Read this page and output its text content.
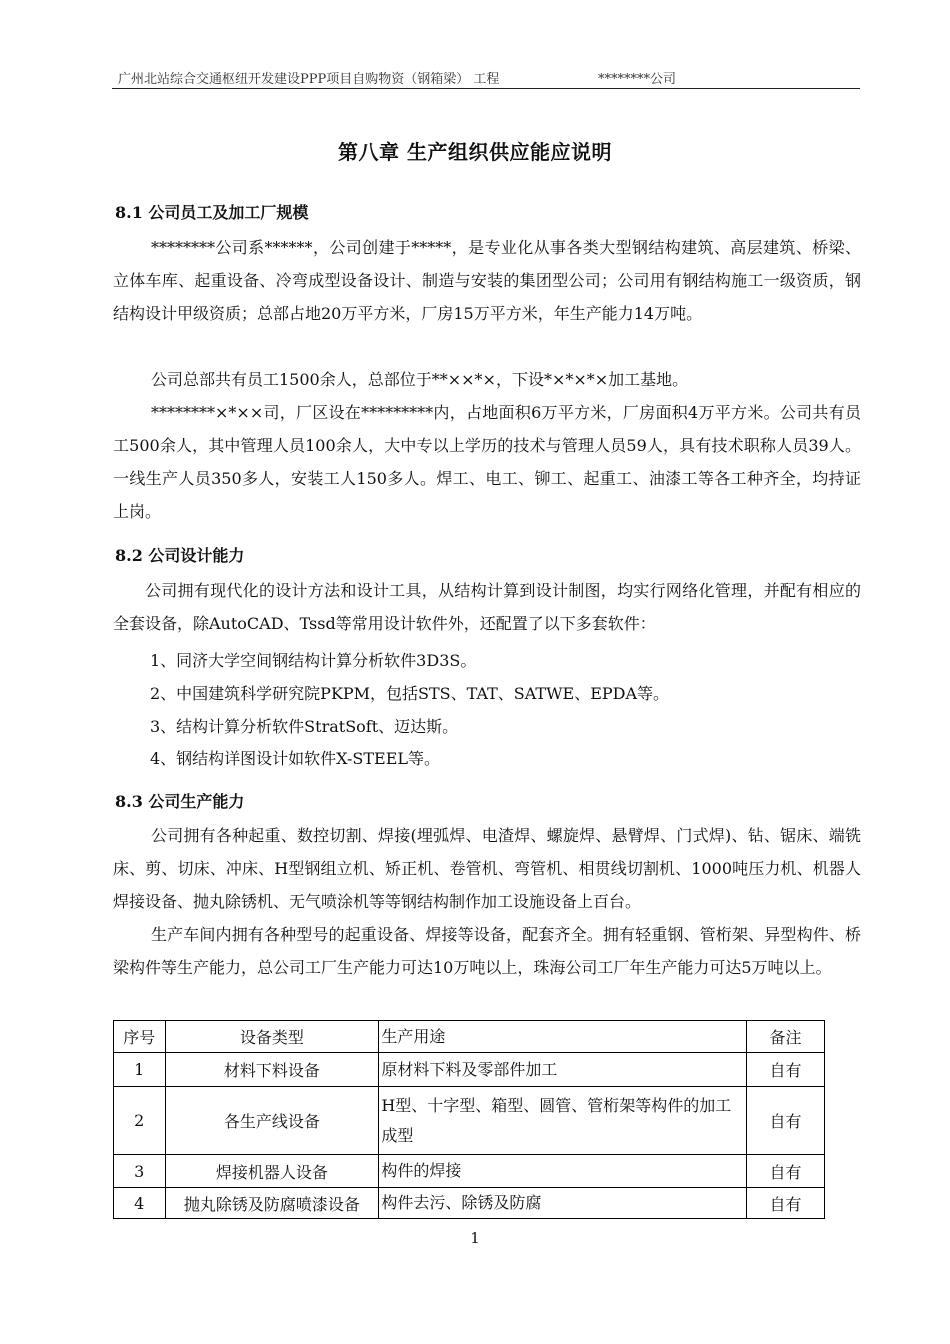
广州北站综合交通枢纽开发建设PPP项目自购物资（钢箱梁） 工程	********公司
第八章 生产组织供应能应说明
8.1 公司员工及加工厂规模
********公司系******，公司创建于*****，是专业化从事各类大型钢结构建筑、高层建筑、桥梁、立体车库、起重设备、冷弯成型设备设计、制造与安装的集团型公司；公司用有钢结构施工一级资质，钢结构设计甲级资质；总部占地20万平方米，厂房15万平方米，年生产能力14万吨。
公司总部共有员工1500余人，总部位于**××*×，下设*×*×*×加工基地。
********×*××司，厂区设在*********内，占地面积6万平方米，厂房面积4万平方米。公司共有员工500余人，其中管理人员100余人，大中专以上学历的技术与管理人员59人，具有技术职称人员39人。 一线生产人员350多人，安装工人150多人。焊工、电工、铆工、起重工、油漆工等各工种齐全，均持证上岗。
8.2 公司设计能力
公司拥有现代化的设计方法和设计工具，从结构计算到设计制图，均实行网络化管理，并配有相应的全套设备，除AutoCAD、Tssd等常用设计软件外，还配置了以下多套软件：
1、同济大学空间钢结构计算分析软件3D3S。
2、中国建筑科学研究院PKPM，包括STS、TAT、SATWE、EPDA等。
3、结构计算分析软件StratSoft、迈达斯。
4、钢结构详图设计如软件X-STEEL等。
8.3 公司生产能力
公司拥有各种起重、数控切割、焊接(埋弧焊、电渣焊、螺旋焊、悬臂焊、门式焊)、钻、锯床、端铣床、剪、切床、冲床、H型钢组立机、矫正机、卷管机、弯管机、相贯线切割机、1000吨压力机、机器人焊接设备、抛丸除锈机、无气喷涂机等等钢结构制作加工设施设备上百台。
生产车间内拥有各种型号的起重设备、焊接等设备，配套齐全。拥有轻重钢、管桁架、异型构件、桥梁构件等生产能力，总公司工厂生产能力可达10万吨以上，珠海公司工厂年生产能力可达5万吨以上。
序号	设备类型	生产用途	备注
1	材料下料设备	原材料下料及零部件加工	自有
2	各生产线设备	H型、十字型、箱型、圆管、管桁架等构件的加工成型	自有
3	焊接机器人设备	构件的焊接	自有
4	抛丸除锈及防腐喷漆设备	构件去污、除锈及防腐	自有
1
